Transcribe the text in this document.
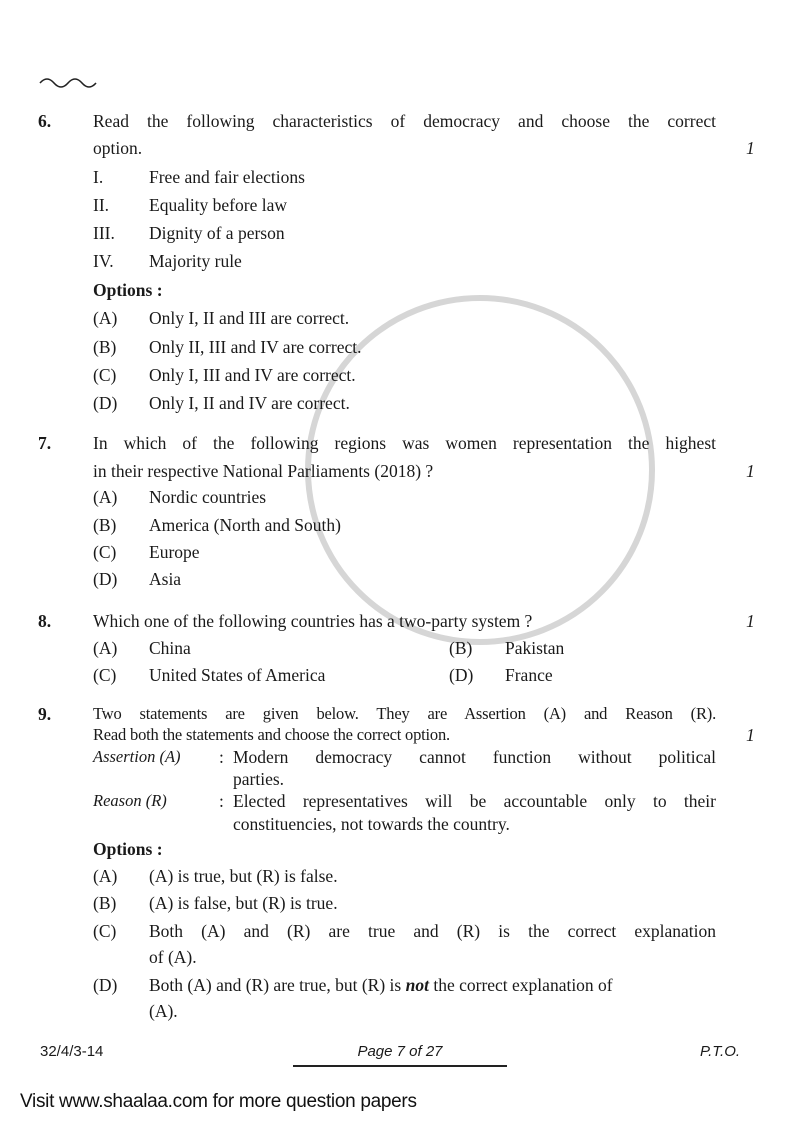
6. Read the following characteristics of democracy and choose the correct
option.	1
I.	Free and fair elections
II. Equality before law
III. Dignity of a person
IV. Majority rule
Options :
(A) Only I, II and III are correct.
(B) Only II, III and IV are correct.
(C) Only I, III and IV are correct.
(D) Only I, II and IV are correct.
7. In which of the following regions was women representation the highest
in their respective National Parliaments (2018) ?	1
(A) Nordic countries
(B) America (North and South)
(C) Europe
(D) Asia
8. Which one of the following countries has a two-party system ?	1
(A) China	(B) Pakistan
(C) United States of America	(D) France
9.	Two statements are given below. They are Assertion (A) and Reason (R).
Read both the statements and choose the correct option.	1
Assertion (A) : Modern democracy cannot function without political
parties.
Reason (R)	: Elected representatives will be accountable only to their
constituencies, not towards the country.
Options :
(A) (A) is true, but (R) is false.
(B) (A) is false, but (R) is true.
(C) Both (A) and (R) are true and (R) is the correct explanation
of (A).
(D) Both (A) and (R) are true, but (R) is not the correct explanation of
(A).
32/4/3-14	Page 7 of 27	P.T.O.
Visit www.shaalaa.com for more question papers
